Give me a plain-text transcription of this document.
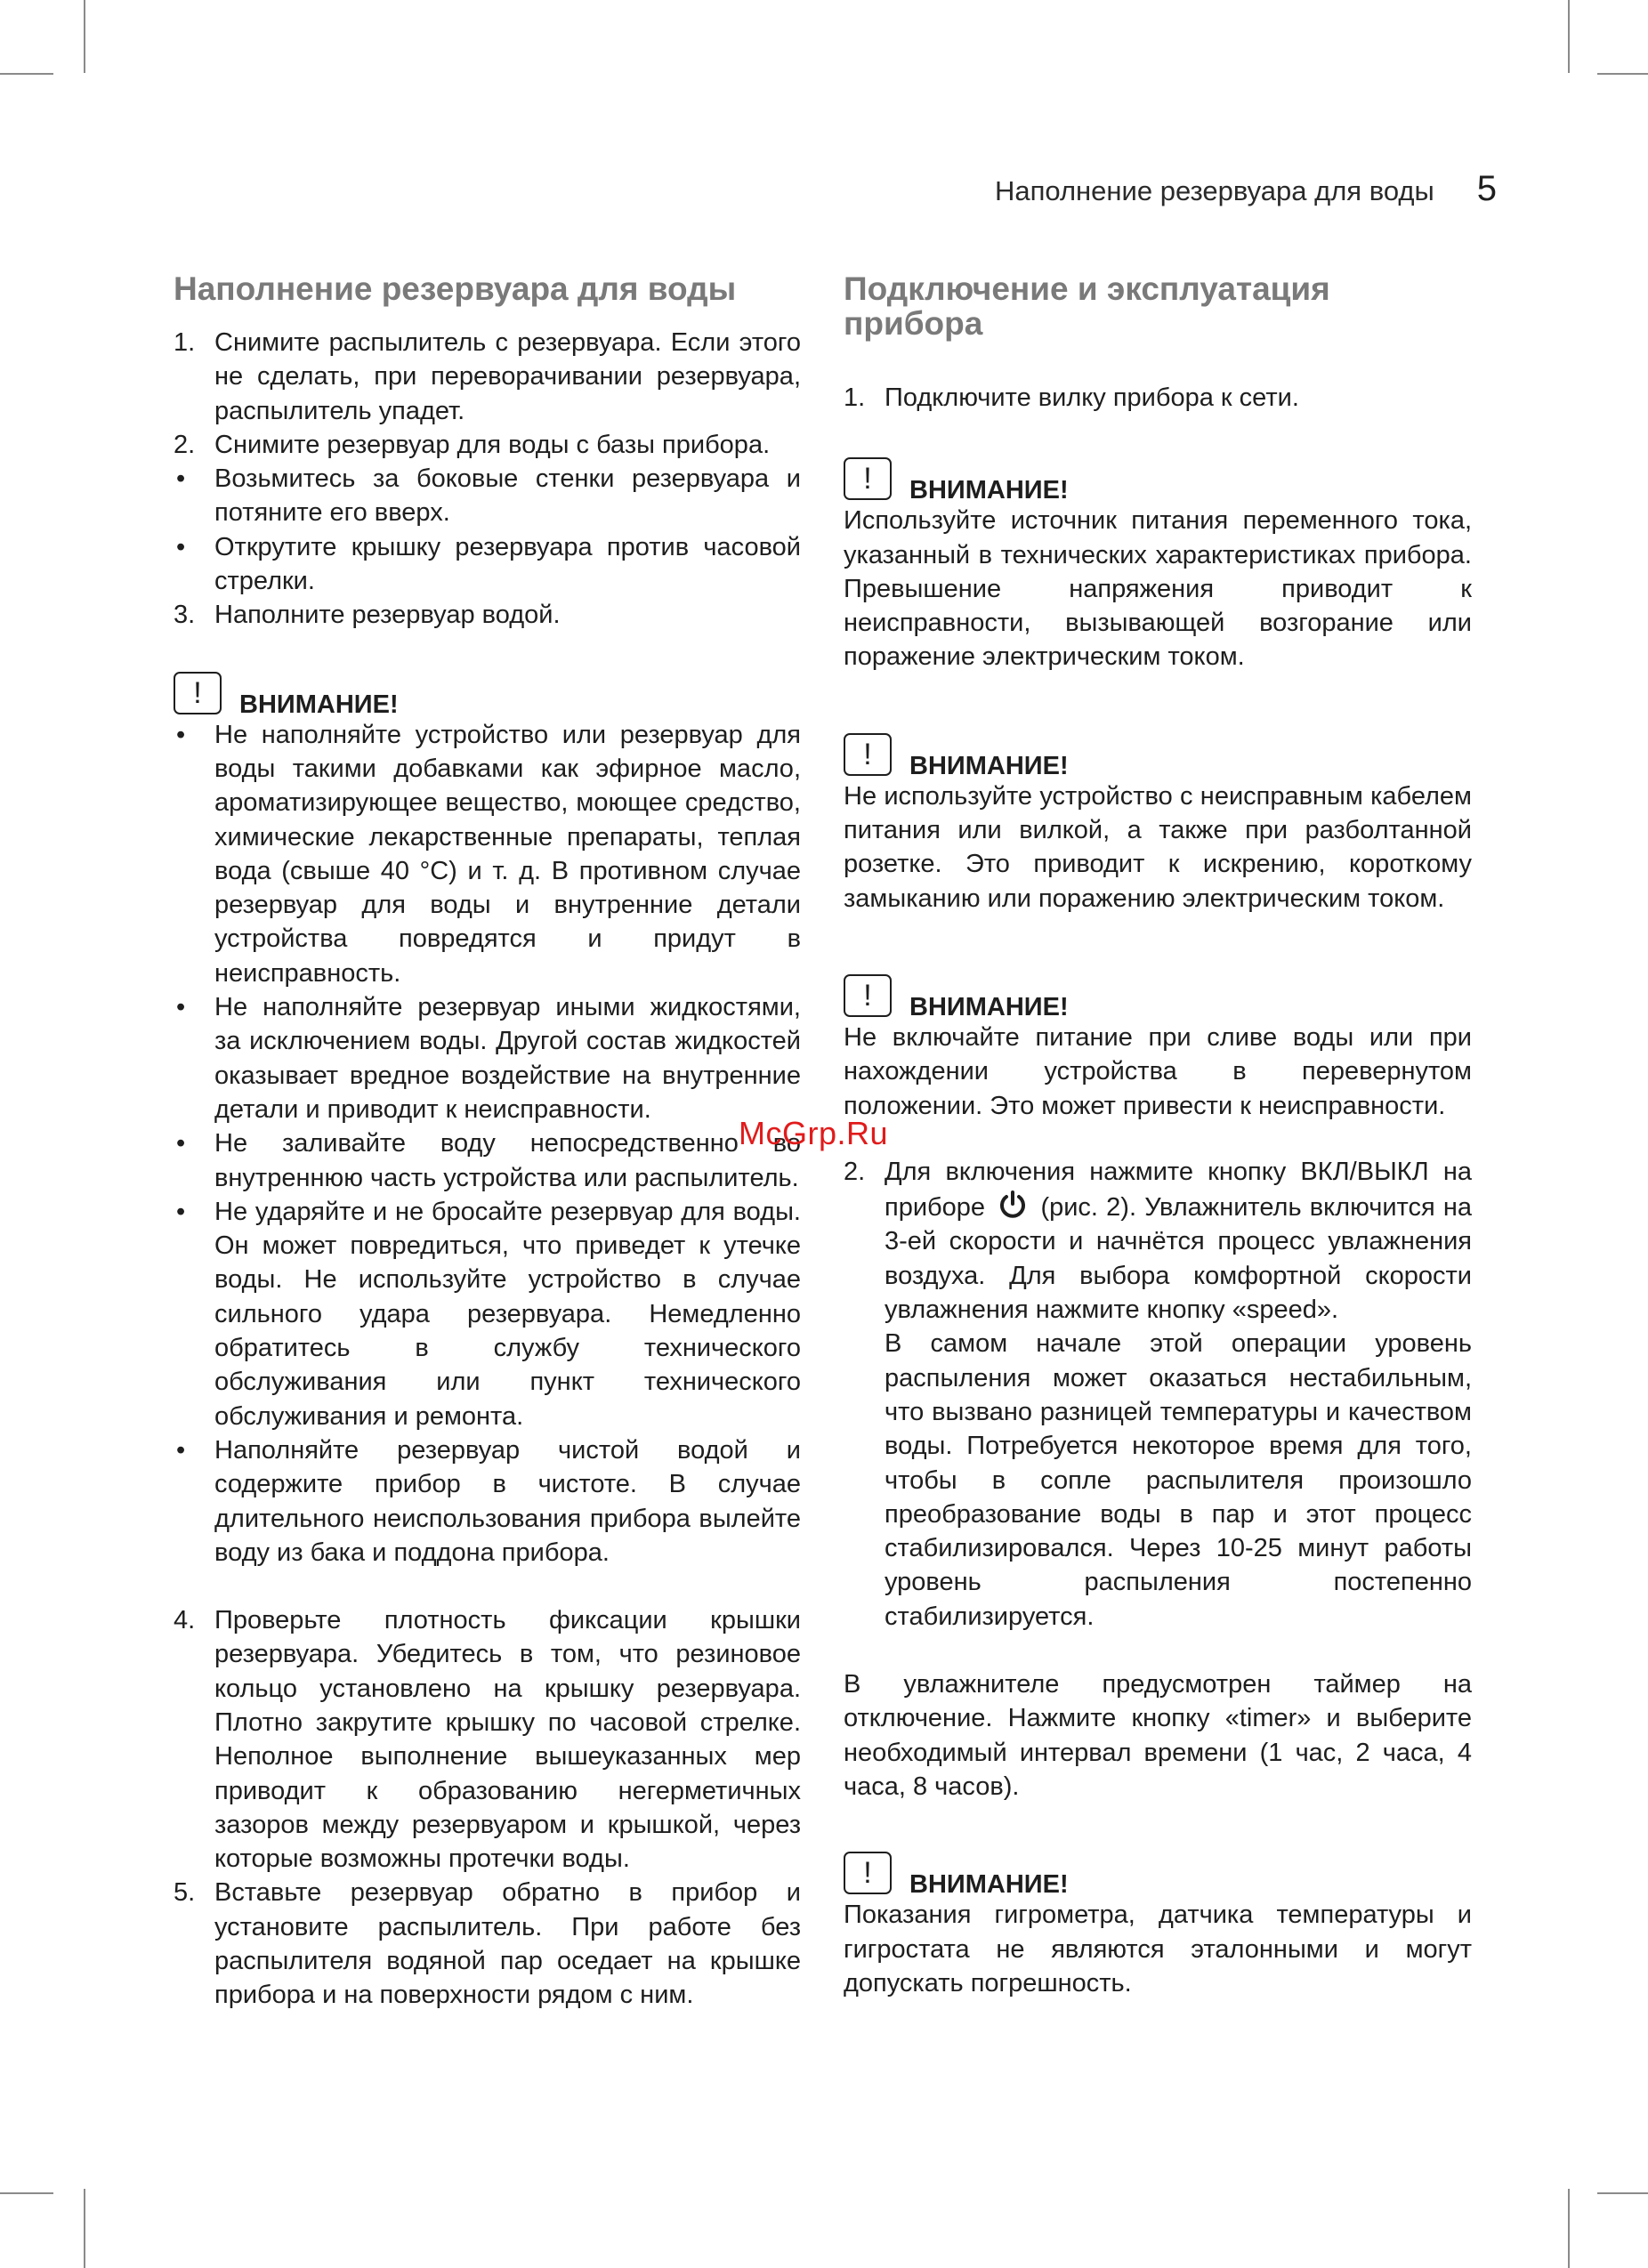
Наполнение резервуара для воды 5
Наполнение резервуара для воды
1. Снимите распылитель с резервуара. Если этого не сделать, при переворачивании резервуара, распылитель упадет.
2. Снимите резервуар для воды с базы прибора.
• Возьмитесь за боковые стенки резервуара и потяните его вверх.
• Открутите крышку резервуара против часовой стрелки.
3. Наполните резервуар водой.
!	ВНИМАНИЕ!
• Не наполняйте устройство или резервуар для воды такими добавками как эфирное масло, ароматизирующее вещество, моющее средство, химические лекарственные препараты, теплая вода (свыше 40 °С) и т. д. В противном случае резервуар для воды и внутренние детали устройства повредятся и придут в неисправность.
• Не наполняйте резервуар иными жидкостями, за исключением воды. Другой состав жидкостей оказывает вредное воздействие на внутренние детали и приводит к неисправности.
• Не заливайте воду непосредственно во внутреннюю часть устройства или распылитель.
• Не ударяйте и не бросайте резервуар для воды. Он может повредиться, что приведет к утечке воды. Не используйте устройство в случае сильного удара резервуара. Немедленно обратитесь в службу технического обслуживания или пункт технического обслуживания и ремонта.
• Наполняйте резервуар чистой водой и содержите прибор в чистоте. В случае длительного неиспользования прибора вылейте воду из бака и поддона прибора.
4. Проверьте плотность фиксации крышки резервуара. Убедитесь в том, что резиновое кольцо установлено на крышку резервуара. Плотно закрутите крышку по часовой стрелке. Неполное выполнение вышеуказанных мер приводит к образованию негерметичных зазоров между резервуаром и крышкой, через которые возможны протечки воды.
5. Вставьте резервуар обратно в прибор и установите распылитель. При работе без распылителя водяной пар оседает на крышке прибора и на поверхности рядом с ним.
Подключение и эксплуатация прибора
1. Подключите вилку прибора к сети.
!	ВНИМАНИЕ!

Используйте источник питания переменного тока, указанный в технических характеристиках прибора. Превышение напряжения приводит к неисправности, вызывающей возгорание или поражение электрическим током.

!	ВНИМАНИЕ!

Не используйте устройство с неисправным кабелем питания или вилкой, а также при разболтанной розетке. Это приводит к искрению, короткому замыканию или поражению электрическим током.

!	ВНИМАНИЕ!

Не включайте питание при сливе воды или при нахождении устройства в перевернутом положении. Это может привести к неисправности.

2. Для включения нажмите кнопку ВКЛ/ВЫКЛ на приборе (рис. 2). Увлажнитель включится на 3-ей скорости и начнётся процесс увлажнения воздуха. Для выбора комфортной скорости увлажнения нажмите кнопку «speed».
В самом начале этой операции уровень распыления может оказаться нестабильным, что вызвано разницей температуры и качеством воды. Потребуется некоторое время для того, чтобы в сопле распылителя произошло преобразование воды в пар и этот процесс стабилизировался. Через 10-25 минут работы уровень распыления постепенно стабилизируется.

В увлажнителе предусмотрен таймер на отключение. Нажмите кнопку «timer» и выберите необходимый интервал времени (1 час, 2 часа, 4 часа, 8 часов).

!	ВНИМАНИЕ!

Показания гигрометра, датчика температуры и гигростата не являются эталонными и могут допускать погрешность.

McGrp.Ru
